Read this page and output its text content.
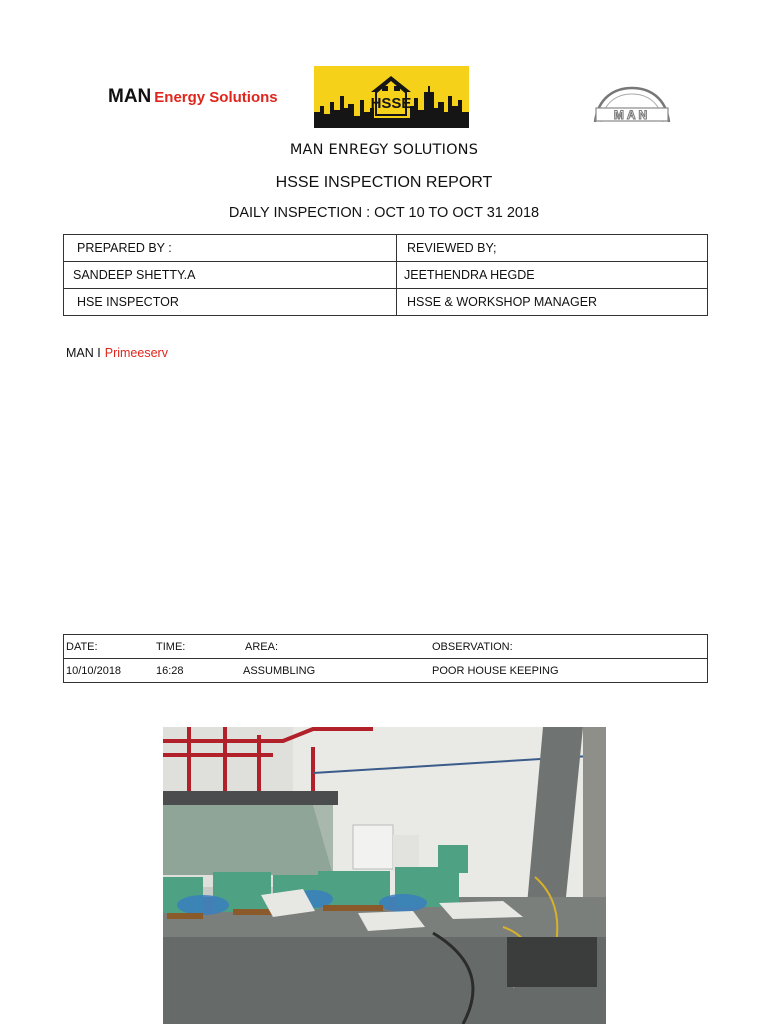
MAN Energy Solutions	HSSE
MAN
MAN ENREGY SOLUTIONS
HSSE INSPECTION REPORT
DAILY INSPECTION : OCT 10 TO OCT 31 2018
PREPARED BY :	REVIEWED BY;
SANDEEP SHETTY.A	JEETHENDRA HEGDE
HSE INSPECTOR	HSSE & WORKSHOP MANAGER
MAN I Primeeserv
DATE:	TIME:	AREA:	OBSERVATION:
10/10/2018	16:28	ASSUMBLING	POOR HOUSE KEEPING
